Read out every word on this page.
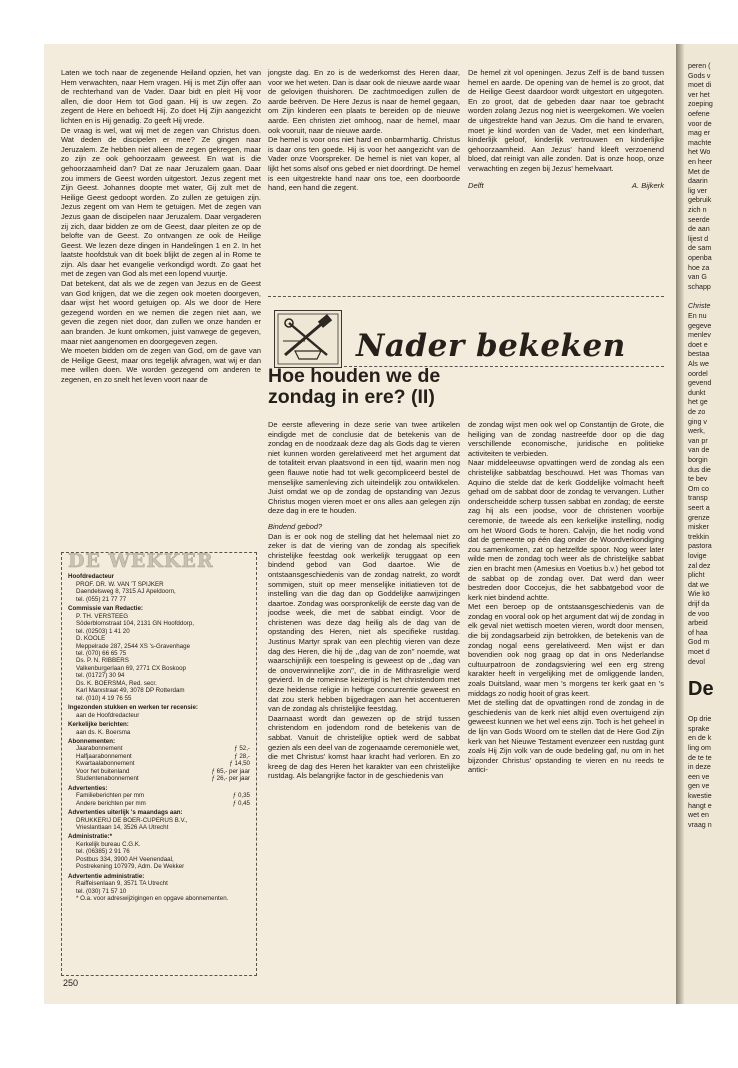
Laten we toch naar de zegenende Heiland opzien, het van Hem verwachten, naar Hem vragen. Hij is met Zijn offer aan de rechterhand van de Vader. Daar bidt en pleit Hij voor allen, die door Hem tot God gaan. Hij is uw zegen. Zo zegent de Here en behoedt Hij. Zo doet Hij Zijn aangezicht lichten en is Hij genadig. Zo geeft Hij vrede.

De vraag is wel, wat wij met de zegen van Christus doen. Wat deden de discipelen er mee? Ze gingen naar Jeruzalem. Ze hebben niet alleen de zegen gekregen, maar zo zijn ze ook gehoorzaam geweest. En wat is die gehoorzaamheid dan? Dat ze naar Jeruzalem gaan. Daar zou immers de Geest worden uitgestort. Jezus zegent met Zijn Geest. Johannes doopte met water, Gij zult met de Heilige Geest gedoopt worden. Zo zullen ze getuigen zijn. Jezus zegent om van Hem te getuigen. Met de zegen van Jezus gaan de discipelen naar Jeruzalem. Daar vergaderen zij zich, daar bidden ze om de Geest, daar pleiten ze op de belofte van de Geest. Zo ontvangen ze ook de Heilige Geest. We lezen deze dingen in Handelingen 1 en 2. In het laatste hoofdstuk van dit boek blijkt de zegen al in Rome te zijn. Als daar het evangelie verkondigd wordt. Zo gaat het met de zegen van God als met een lopend vuurtje.

Dat betekent, dat als we de zegen van Jezus en de Geest van God krijgen, dat we die zegen ook moeten doorgeven, daar wijst het woord getuigen op. Als we door de Here gezegend worden en we nemen die zegen niet aan, we geven die zegen niet door, dan zullen we onze handen er aan branden. Je kunt omkomen, juist vanwege de gegeven, maar niet aangenomen en doorgegeven zegen.

We moeten bidden om de zegen van God, om de gave van de Heilige Geest, maar ons tegelijk afvragen, wat wij er dan mee willen doen. We worden gezegend om anderen te zegenen, en zo snelt het leven voort naar de

jongste dag. En zo is de wederkomst des Heren daar, voor we het weten. Dan is daar ook de nieuwe aarde waar de gelovigen thuishoren. De zachtmoedigen zullen de aarde beërven. De Here Jezus is naar de hemel gegaan, om Zijn kinderen een plaats te bereiden op de nieuwe aarde. Een christen ziet omhoog, naar de hemel, maar ook vooruit, naar de nieuwe aarde.

De hemel is voor ons niet hard en onbarmhartig. Christus is daar ons ten goede. Hij is voor het aangezicht van de Vader onze Voorspreker. De hemel is niet van koper, al lijkt het soms alsof ons gebed er niet doordringt. De hemel is een uitgestrekte hand naar ons toe, een doorboorde hand, een hand die zegent.

De hemel zit vol openingen. Jezus Zelf is de band tussen hemel en aarde. De opening van de hemel is zo groot, dat de Heilige Geest daardoor wordt uitgestort en uitgegoten. En zo groot, dat de gebeden daar naar toe gebracht worden zolang Jezus nog niet is weergekomen. We voelen de uitgestrekte hand van Jezus. Om die hand te ervaren, moet je kind worden van de Vader, met een kinderhart, kinderlijk geloof, kinderlijk vertrouwen en kinderlijke gehoorzaamheid. Aan Jezus' hand kleeft verzoenend bloed, dat reinigt van alle zonden. Dat is onze hoop, onze verwachting en zegen bij Jezus' hemelvaart.

Delft	A. Bijkerk
Nader bekeken
Hoe houden we de zondag in ere? (II)

De eerste aflevering in deze serie van twee artikelen eindigde met de conclusie dat de betekenis van de zondag en de noodzaak deze dag als Gods dag te vieren niet kunnen worden gerelativeerd met het argument dat de totaliteit ervan plaatsvond in een tijd, waarin men nog geen flauwe notie had tot welk gecompliceerd bestel de menselijke samenleving zich uiteindelijk zou ontwikkelen. Juist omdat we op de zondag de opstanding van Jezus Christus mogen vieren moet er ons alles aan gelegen zijn deze dag in ere te houden.

Bindend gebod?

Dan is er ook nog de stelling dat het helemaal niet zo zeker is dat de viering van de zondag als specifiek christelijke feestdag ook werkelijk teruggaat op een bindend gebod van God daartoe. Wie de ontstaansgeschiedenis van de zondag natrekt, zo wordt sommigen, stuit op meer menselijke initiatieven tot de instelling van die dag dan op Goddelijke aanwijzingen daartoe. Zondag was oorspronkelijk de eerste dag van de joodse week, die met de sabbat eindigt. Voor de christenen was deze dag heilig als de dag van de opstanding des Heren, niet als specifieke rustdag. Justinus Martyr sprak van een plechtig vieren van deze dag des Heren, die hij de ,,dag van de zon'' noemde, wat waarschijnlijk een toespeling is geweest op de ,,dag van de onoverwinnelijke zon'', die in de Mithrasreligie werd gevierd. In de romeinse keizertijd is het christendom met deze heidense religie in heftige concurrentie geweest en dat zou sterk hebben bijgedragen aan het accentueren van de zondag als christelijke feestdag.

Daarnaast wordt dan gewezen op de strijd tussen christendom en jodendom rond de betekenis van de sabbat. Vanuit de christelijke optiek werd de sabbat gezien als een deel van de zogenaamde ceremoniële wet, die met Christus' komst haar kracht had verloren. En zo kreeg de dag des Heren het karakter van een christelijke rustdag. Als belangrijke factor in de geschiedenis van

de zondag wijst men ook wel op Constantijn de Grote, die heiliging van de zondag nastreefde door op die dag verschillende economische, juridische en politieke activiteiten te verbieden.

Naar middeleeuwse opvattingen werd de zondag als een christelijke sabbatdag beschouwd. Het was Thomas van Aquino die stelde dat de kerk Goddelijke volmacht heeft gehad om de sabbat door de zondag te vervangen. Luther onderscheidde scherp tussen sabbat en zondag; de eerste zag hij als een joodse, voor de christenen voorbije ceremonie, de tweede als een kerkelijke instelling, nodig om het Woord Gods te horen. Calvijn, die het nodig vond dat de gemeente op één dag onder de Woordverkondiging zou samenkomen, zat op hetzelfde spoor. Nog weer later wilde men de zondag toch weer als de christelijke sabbat zien en bracht men (Amesius en Voetius b.v.) het gebod tot de sabbat op de zondag over. Dat werd dan weer bestreden door Coccejus, die het sabbatgebod voor de kerk niet bindend achtte.

Met een beroep op de ontstaansgeschiedenis van de zondag en vooral ook op het argument dat wij de zondag in elk geval niet wettisch moeten vieren, wordt door mensen, die bij zondagsarbeid zijn betrokken, de betekenis van de zondag nogal eens gerelativeerd. Men wijst er dan bovendien ook nog graag op dat in ons Nederlandse cultuurpatroon de zondagsviering wel een erg streng karakter heeft in vergelijking met de omliggende landen, zoals Duitsland, waar men 's morgens ter kerk gaat en 's middags zo nodig hooit of gras keert.

Met de stelling dat de opvattingen rond de zondag in de geschiedenis van de kerk niet altijd even overtuigend zijn geweest kunnen we het wel eens zijn. Toch is het geheel in de lijn van Gods Woord om te stellen dat de Here God Zijn kerk van het Nieuwe Testament evenzeer een rustdag gunt zoals Hij Zijn volk van de oude bedeling gaf, nu om in het bijzonder Christus' opstanding te vieren en nu reeds te antici-

DE WEKKER
Hoofdredacteur
PROF. DR. W. VAN 'T SPIJKER
Daendelsweg 8, 7315 AJ Apeldoorn,
tel. (055) 21 77 77
Commissie van Redactie:
P. TH. VERSTEEG
Söderblomstraat 104, 2131 GN Hoofddorp,
tel. (02503) 1 41 20
D. KOOLE
Meppelrade 287, 2544 XS 's-Gravenhage
tel. (070) 66 65 75
Ds. P. N. RIBBERS
Valkenburgerlaan 69, 2771 CX Boskoop
tel. (01727) 30 94
Ds. K. BOERSMA, Red. secr.
Karl Marxstraat 49, 3078 DP Rotterdam
tel. (010) 4 19 76 55
Ingezonden stukken en werken ter recensie:
aan de Hoofdredacteur
Kerkelijke berichten:
aan ds. K. Boersma
Abonnementen:
Jaarabonnement	ƒ 52,-
Halfjaarabonnement	ƒ 28,-
Kwartaalabonnement	ƒ 14,50
Voor het buitenland	ƒ 65,- per jaar
Studentenabonnement	ƒ 26,- per jaar
Advertenties:
Familieberichten per mm	ƒ 0,35
Andere berichten per mm	ƒ 0,45
Advertenties uiterlijk 's maandags aan:
DRUKKERIJ DE BOER-CUPERUS B.V.,
Vrieslantlaan 14, 3526 AA Utrecht
Administratie:*
Kerkelijk bureau C.G.K.
tel. (06385) 2 91 76
Postbus 334, 3900 AH Veenendaal,
Postrekening 107979, Adm. De Wekker
Advertentie administratie:
Raiffeisenlaan 9, 3571 TA Utrecht
tel. (030) 71 57 10
* O.a. voor adreswijzigingen en opgave abonnementen.
250
peren (
Gods v
moet di
ver het
zoeping
oefene
voor de
mag er
machte
het Wo
en heer
Met de
daarin
lig ver
gebruik
zich n
seerde
de aan
lijest d
de sam
openba
hoe za
van G
schapp
Christe
En nu
gegeve
menlev
doet e
bestaa
Als we
oordel
gevend
dunkt
het ge
de zo
ging v
werk,
van pr
van de
borgin
dus die
te bev
Om co
transp
seert a
grenze
misker
trekkin
pastora
lovige
zal dez
plicht
dat we
Wie kö
drijf da
de voo
arbeid
of haa
God m
moet d
devol
De
Op drie
sprake
en de k
ling om
de te te
in deze
een ve
gen ve
kwestie
hangt e
wet en
vraag n
